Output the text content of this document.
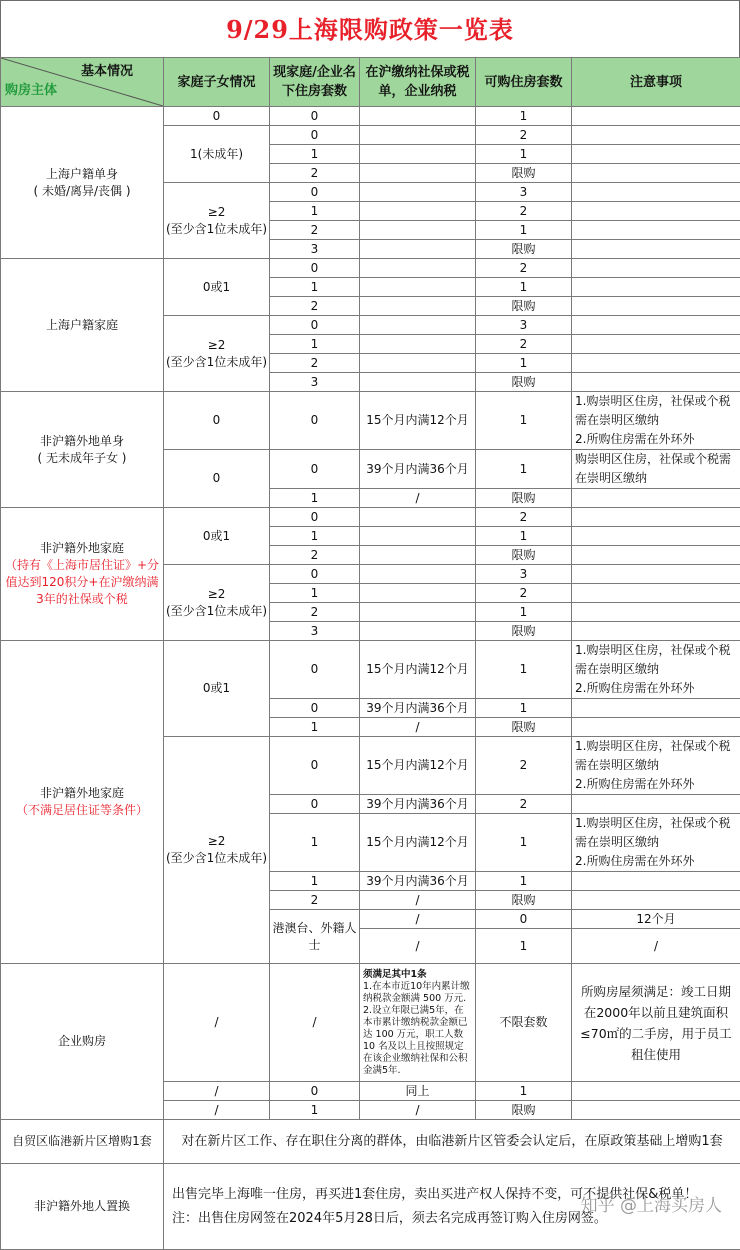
9/29上海限购政策一览表
基本情况
购房主体	家庭子女情况	现家庭/企业名下住房套数	在沪缴纳社保或税单，企业纳税	可购住房套数	注意事项	
上海户籍单身
( 未婚/离异/丧偶 )	0	0		1		
	1(未成年)	0		2		
		1		1		
		2		限购		
	≥2
(至少含1位未成年)	0		3		
		1		2		
		2		1		
		3		限购		
上海户籍家庭	0或1	0		2		
		1		1		
		2		限购		
	≥2
(至少含1位未成年)	0		3		
		1		2		
		2		1		
		3		限购		
非沪籍外地单身
( 无未成年子女 )	0	0	15个月内满12个月	1	1.购崇明区住房，社保或个税
需在崇明区缴纳
2.所购住房需在外环外	
	0	0	39个月内满36个月	1	购崇明区住房，社保或个税需
在崇明区缴纳	
		1	/	限购		
非沪籍外地家庭
（持有《上海市居住证》+分值达到120积分+在沪缴纳满3年的社保或个税	0或1	0		2		
		1		1		
		2		限购		
	≥2
(至少含1位未成年)	0		3		
		1		2		
		2		1		
		3		限购		
非沪籍外地家庭
（不满足居住证等条件）	0或1	0	15个月内满12个月	1	1.购崇明区住房，社保或个税
需在崇明区缴纳
2.所购住房需在外环外	
		0	39个月内满36个月	1		
		1	/	限购		
	≥2
(至少含1位未成年)	0	15个月内满12个月	2	1.购崇明区住房，社保或个税
需在崇明区缴纳
2.所购住房需在外环外	
		0	39个月内满36个月	2		
		1	15个月内满12个月	1	1.购崇明区住房，社保或个税
需在崇明区缴纳
2.所购住房需在外环外	
		1	39个月内满36个月	1		
		2	/	限购		
		港澳台、外籍人士	/	0	12个月		
			/	1	/		
企业购房	/	/	须满足其中1条
1.在本市近10年内累计缴纳税款金额满 500 万元.
2.设立年限已满5年，在本市累计缴纳税款金额已达 100 万元，职工人数 10 名及以上且按照规定在该企业缴纳社保和公积金满5年.	不限套数	所购房屋须满足：竣工日期在2000年以前且建筑面积≤70㎡的二手房，用于员工租住使用	
	/	0	同上	1		
	/	1	/	限购		
自贸区临港新片区增购1套	对在新片区工作、存在职住分离的群体，由临港新片区管委会认定后，在原政策基础上增购1套					
非沪籍外地人置换	出售完毕上海唯一住房，再买进1套住房，卖出买进产权人保持不变，可不提供社保&税单！
注：出售住房网签在2024年5月28日后，须去名完成再签订购入住房网签。					
知乎 @上海买房人
